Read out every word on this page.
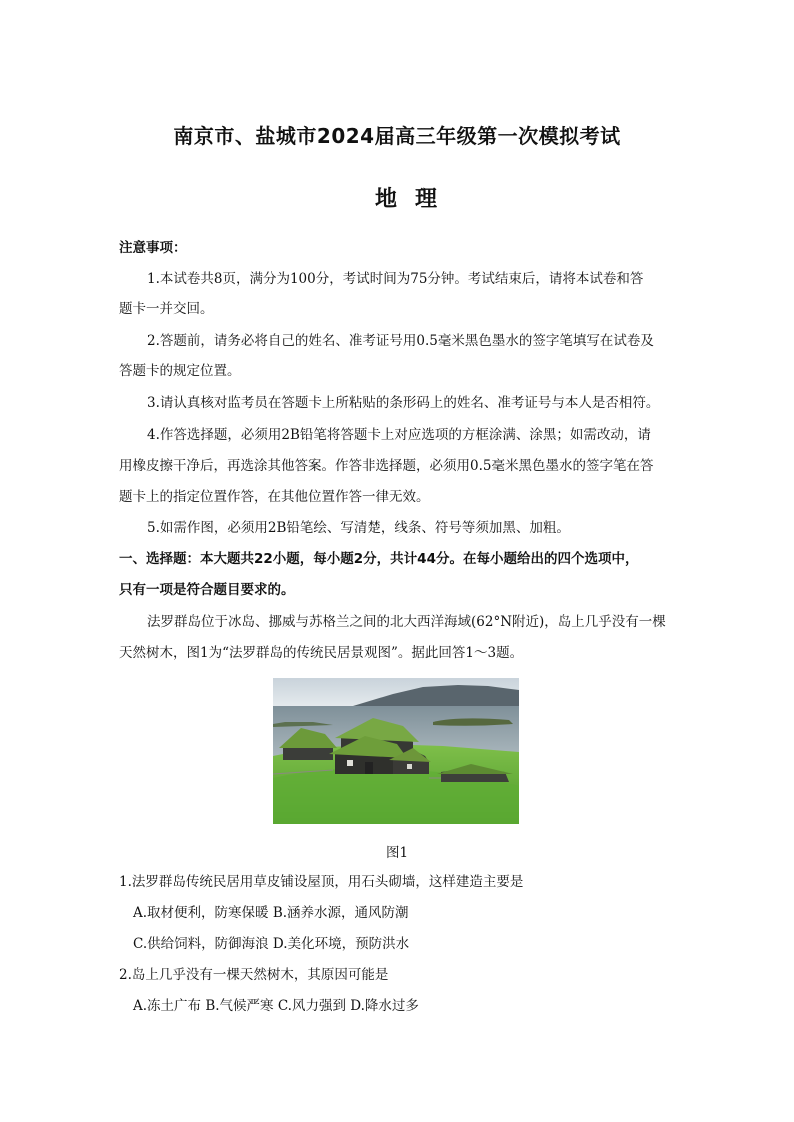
南京市、盐城市2024届高三年级第一次模拟考试
地理
注意事项：
1.本试卷共8页，满分为100分，考试时间为75分钟。考试结束后，请将本试卷和答
题卡一并交回。
2.答题前，请务必将自己的姓名、准考证号用0.5毫米黑色墨水的签字笔填写在试卷及
答题卡的规定位置。
3.请认真核对监考员在答题卡上所粘贴的条形码上的姓名、准考证号与本人是否相符。
4.作答选择题，必须用2B铅笔将答题卡上对应选项的方框涂满、涂黑；如需改动，请
用橡皮擦干净后，再选涂其他答案。作答非选择题，必须用0.5毫米黑色墨水的签字笔在答
题卡上的指定位置作答，在其他位置作答一律无效。
5.如需作图，必须用2B铅笔绘、写清楚，线条、符号等须加黑、加粗。
一、选择题：本大题共22小题，每小题2分，共计44分。在每小题给出的四个选项中，
只有一项是符合题目要求的。
法罗群岛位于冰岛、挪威与苏格兰之间的北大西洋海域(62°N附近)，岛上几乎没有一棵
天然树木，图1为“法罗群岛的传统民居景观图”。据此回答1～3题。
图1
1.法罗群岛传统民居用草皮铺设屋顶，用石头砌墙，这样建造主要是
A.取材便利，防寒保暖 B.涵养水源，通风防潮
C.供给饲料，防御海浪 D.美化环境，预防洪水
2.岛上几乎没有一棵天然树木，其原因可能是
A.冻土广布 B.气候严寒 C.风力强到 D.降水过多
